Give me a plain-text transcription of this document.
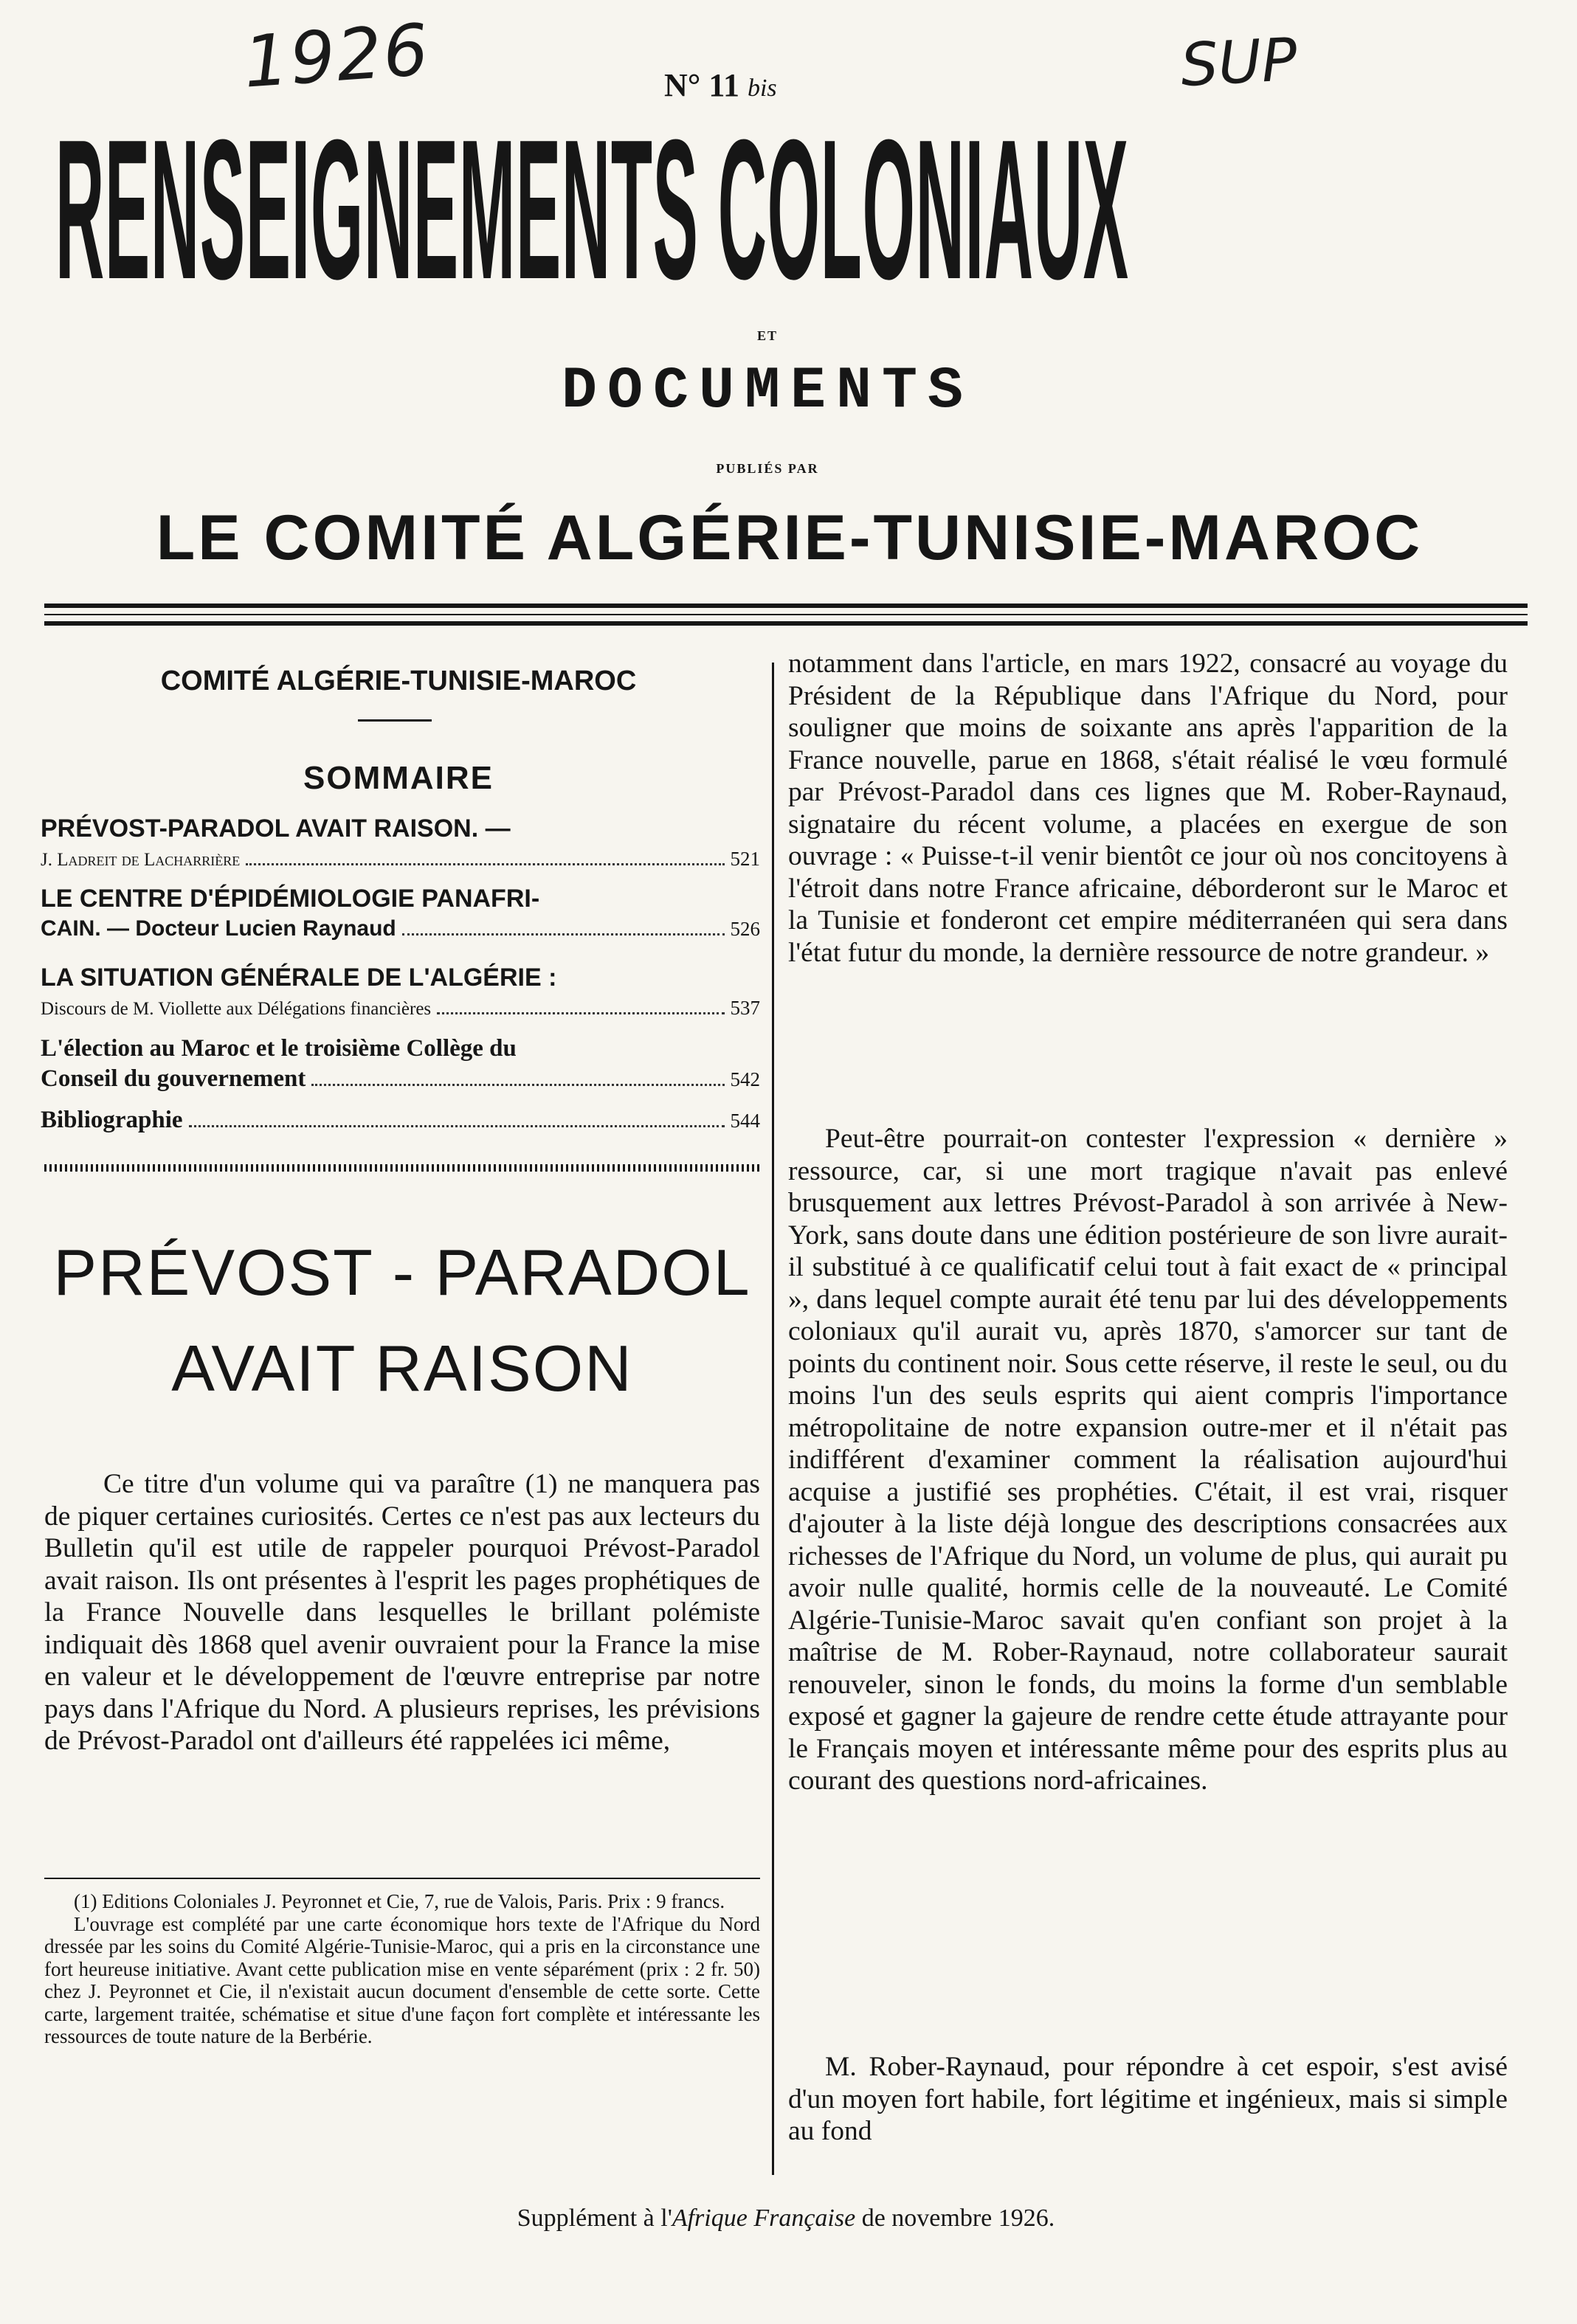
1926	SUP
N° 11 bis
RENSEIGNEMENTS COLONIAUX
ET
DOCUMENTS
PUBLIÉS PAR
LE COMITÉ ALGÉRIE-TUNISIE-MAROC
COMITÉ ALGÉRIE-TUNISIE-MAROC
SOMMAIRE
PRÉVOST-PARADOL AVAIT RAISON. —
J. Ladreit de Lacharrière	521
LE CENTRE D'ÉPIDÉMIOLOGIE PANAFRI-
CAIN. — Docteur Lucien Raynaud	526
LA SITUATION GÉNÉRALE DE L'ALGÉRIE :
Discours de M. Viollette aux Délégations financières	537
L'élection au Maroc et le troisième Collège du
Conseil du gouvernement	542
Bibliographie	544
PRÉVOST - PARADOL
AVAIT RAISON

Ce titre d'un volume qui va paraître (1) ne manquera pas de piquer certaines curiosités. Certes ce n'est pas aux lecteurs du Bulletin qu'il est utile de rappeler pourquoi Prévost-Paradol avait raison. Ils ont présentes à l'esprit les pages prophétiques de la France Nouvelle dans lesquelles le brillant polémiste indiquait dès 1868 quel avenir ouvraient pour la France la mise en valeur et le développement de l'œuvre entreprise par notre pays dans l'Afrique du Nord. A plusieurs reprises, les prévisions de Prévost-Paradol ont d'ailleurs été rappelées ici même,

(1) Editions Coloniales J. Peyronnet et Cie, 7, rue de Valois, Paris. Prix : 9 francs.

L'ouvrage est complété par une carte économique hors texte de l'Afrique du Nord dressée par les soins du Comité Algérie-Tunisie-Maroc, qui a pris en la circonstance une fort heureuse initiative. Avant cette publication mise en vente séparément (prix : 2 fr. 50) chez J. Peyronnet et Cie, il n'existait aucun document d'ensemble de cette sorte. Cette carte, largement traitée, schématise et situe d'une façon fort complète et intéressante les ressources de toute nature de la Berbérie.

notamment dans l'article, en mars 1922, consacré au voyage du Président de la République dans l'Afrique du Nord, pour souligner que moins de soixante ans après l'apparition de la France nouvelle, parue en 1868, s'était réalisé le vœu formulé par Prévost-Paradol dans ces lignes que M. Rober-Raynaud, signataire du récent volume, a placées en exergue de son ouvrage : « Puisse-t-il venir bientôt ce jour où nos concitoyens à l'étroit dans notre France africaine, déborderont sur le Maroc et la Tunisie et fonderont cet empire méditerranéen qui sera dans l'état futur du monde, la dernière ressource de notre grandeur. »

Peut-être pourrait-on contester l'expression « dernière » ressource, car, si une mort tragique n'avait pas enlevé brusquement aux lettres Prévost-Paradol à son arrivée à New-York, sans doute dans une édition postérieure de son livre aurait-il substitué à ce qualificatif celui tout à fait exact de « principal », dans lequel compte aurait été tenu par lui des développements coloniaux qu'il aurait vu, après 1870, s'amorcer sur tant de points du continent noir. Sous cette réserve, il reste le seul, ou du moins l'un des seuls esprits qui aient compris l'importance métropolitaine de notre expansion outre-mer et il n'était pas indifférent d'examiner comment la réalisation aujourd'hui acquise a justifié ses prophéties. C'était, il est vrai, risquer d'ajouter à la liste déjà longue des descriptions consacrées aux richesses de l'Afrique du Nord, un volume de plus, qui aurait pu avoir nulle qualité, hormis celle de la nouveauté. Le Comité Algérie-Tunisie-Maroc savait qu'en confiant son projet à la maîtrise de M. Rober-Raynaud, notre collaborateur saurait renouveler, sinon le fonds, du moins la forme d'un semblable exposé et gagner la gajeure de rendre cette étude attrayante pour le Français moyen et intéressante même pour des esprits plus au courant des questions nord-africaines.

M. Rober-Raynaud, pour répondre à cet espoir, s'est avisé d'un moyen fort habile, fort légitime et ingénieux, mais si simple au fond

Supplément à l'Afrique Française de novembre 1926.
